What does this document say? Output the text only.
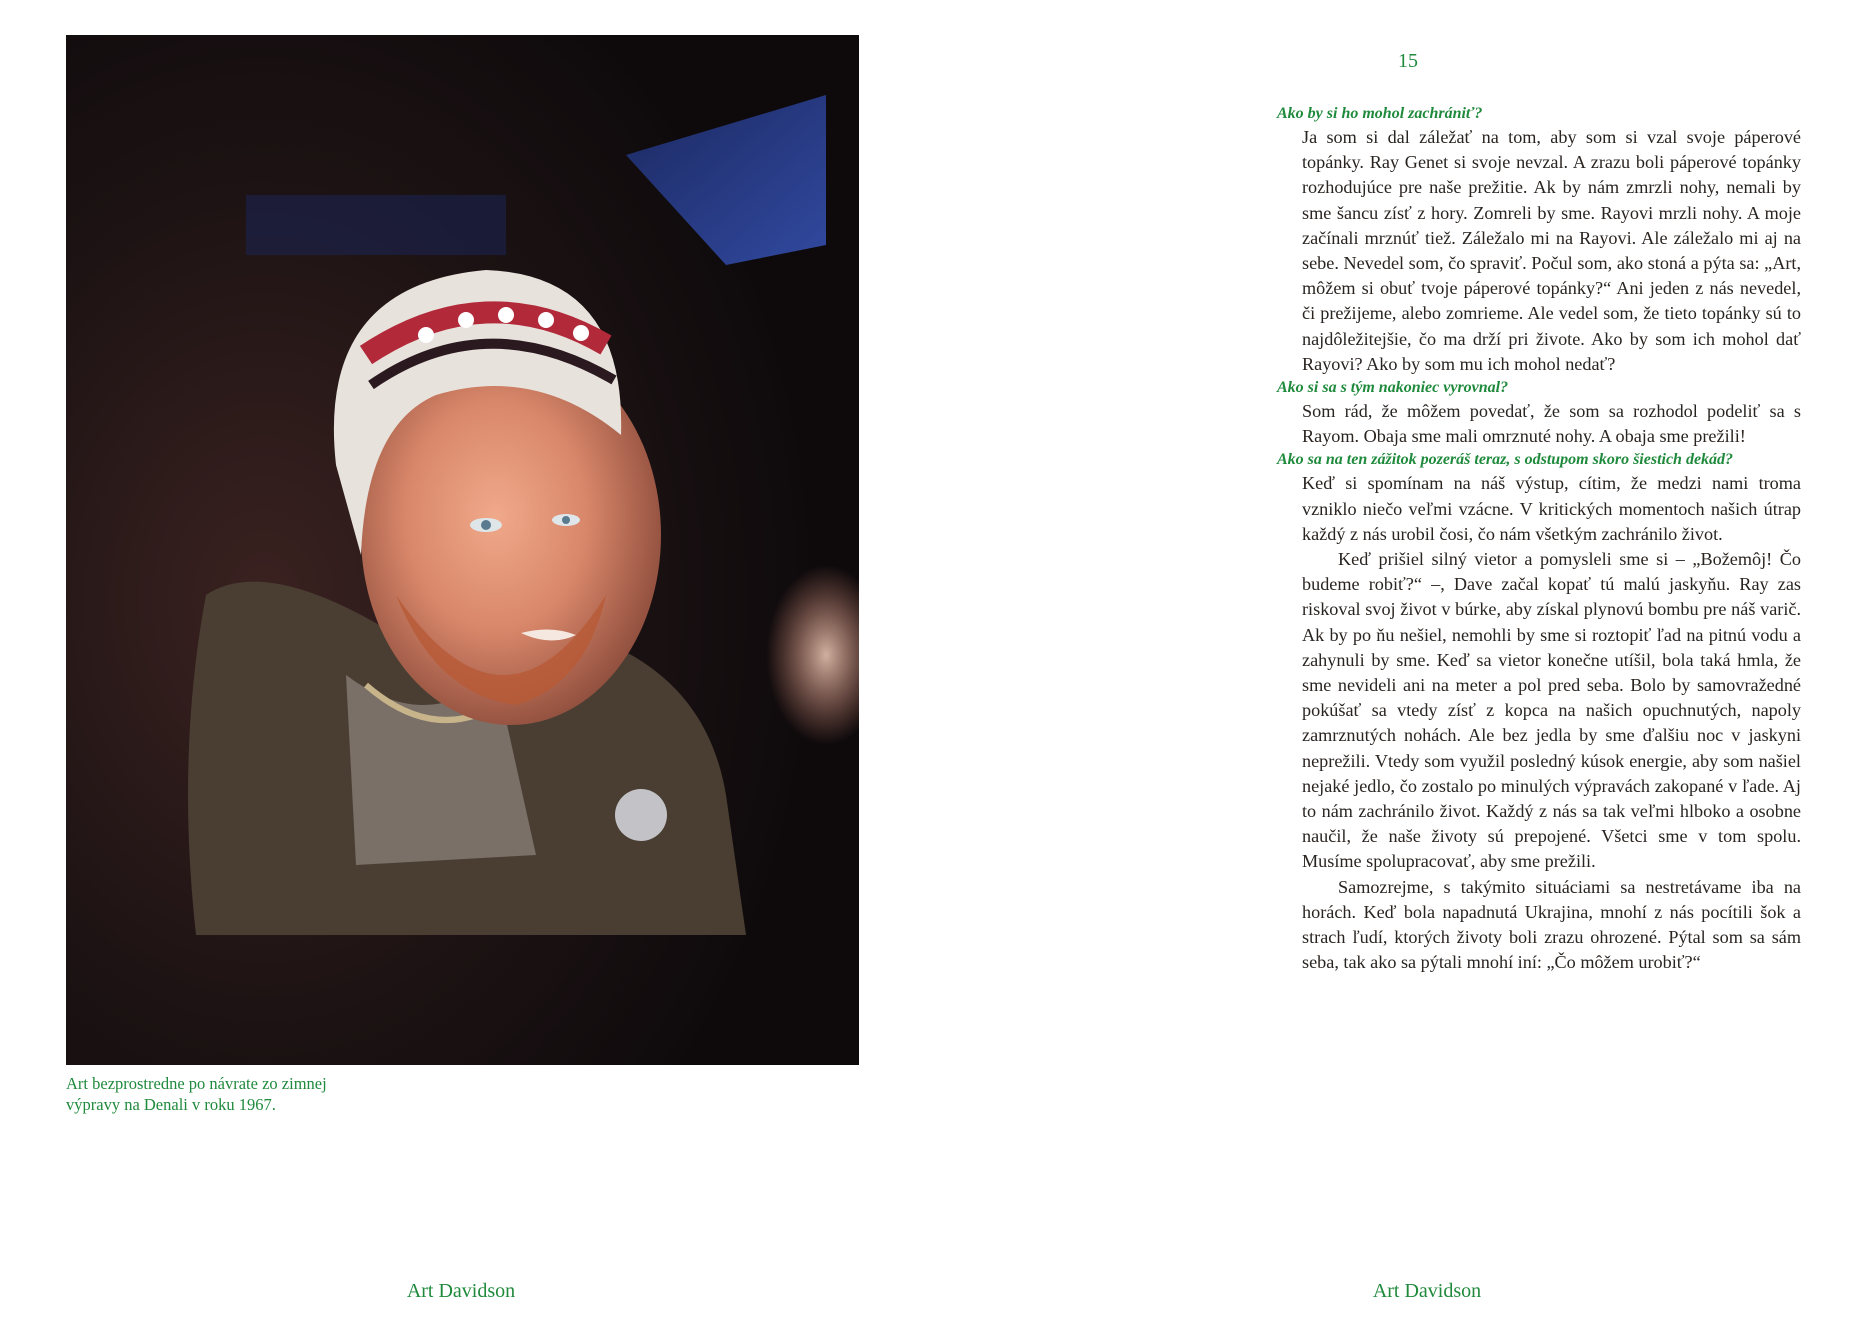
Art bezprostredne po návrate zo zimnej
výpravy na Denali v roku 1967.
Art Davidson
15
Ako by si ho mohol zachrániť?

Ja som si dal záležať na tom, aby som si vzal svoje páperové topánky. Ray Genet si svoje nevzal. A zrazu boli páperové topánky rozhodujúce pre naše prežitie. Ak by nám zmrzli nohy, nemali by sme šancu zísť z hory. Zomreli by sme. Rayovi mrzli nohy. A moje začínali mrznúť tiež. Záležalo mi na Rayovi. Ale záležalo mi aj na sebe. Nevedel som, čo spraviť. Počul som, ako stoná a pýta sa: „Art, môžem si obuť tvoje páperové topánky?“ Ani jeden z nás nevedel, či prežijeme, alebo zomrieme. Ale vedel som, že tieto topánky sú to najdôležitejšie, čo ma drží pri živote. Ako by som ich mohol dať Rayovi? Ako by som mu ich mohol nedať?

Ako si sa s tým nakoniec vyrovnal?

Som rád, že môžem povedať, že som sa rozhodol podeliť sa s Rayom. Obaja sme mali omrznuté nohy. A obaja sme prežili!

Ako sa na ten zážitok pozeráš teraz, s odstupom skoro šiestich dekád?

Keď si spomínam na náš výstup, cítim, že medzi nami troma vzniklo niečo veľmi vzácne. V kritických momentoch našich útrap každý z nás urobil čosi, čo nám všetkým zachránilo život.

Keď prišiel silný vietor a pomysleli sme si – „Božemôj! Čo budeme robiť?“ –, Dave začal kopať tú malú jaskyňu. Ray zas riskoval svoj život v búrke, aby získal plynovú bombu pre náš varič. Ak by po ňu nešiel, nemohli by sme si roztopiť ľad na pitnú vodu a zahynuli by sme. Keď sa vietor konečne utíšil, bola taká hmla, že sme nevideli ani na meter a pol pred seba. Bolo by samovražedné pokúšať sa vtedy zísť z kopca na našich opuchnutých, napoly zamrznutých nohách. Ale bez jedla by sme ďalšiu noc v jaskyni neprežili. Vtedy som využil posledný kúsok energie, aby som našiel nejaké jedlo, čo zostalo po minulých výpravách zakopané v ľade. Aj to nám zachránilo život. Každý z nás sa tak veľmi hlboko a osobne naučil, že naše životy sú prepojené. Všetci sme v tom spolu. Musíme spolupracovať, aby sme prežili.

Samozrejme, s takýmito situáciami sa nestretávame iba na horách. Keď bola napadnutá Ukrajina, mnohí z nás pocítili šok a strach ľudí, ktorých životy boli zrazu ohrozené. Pýtal som sa sám seba, tak ako sa pýtali mnohí iní: „Čo môžem urobiť?“

Art Davidson
